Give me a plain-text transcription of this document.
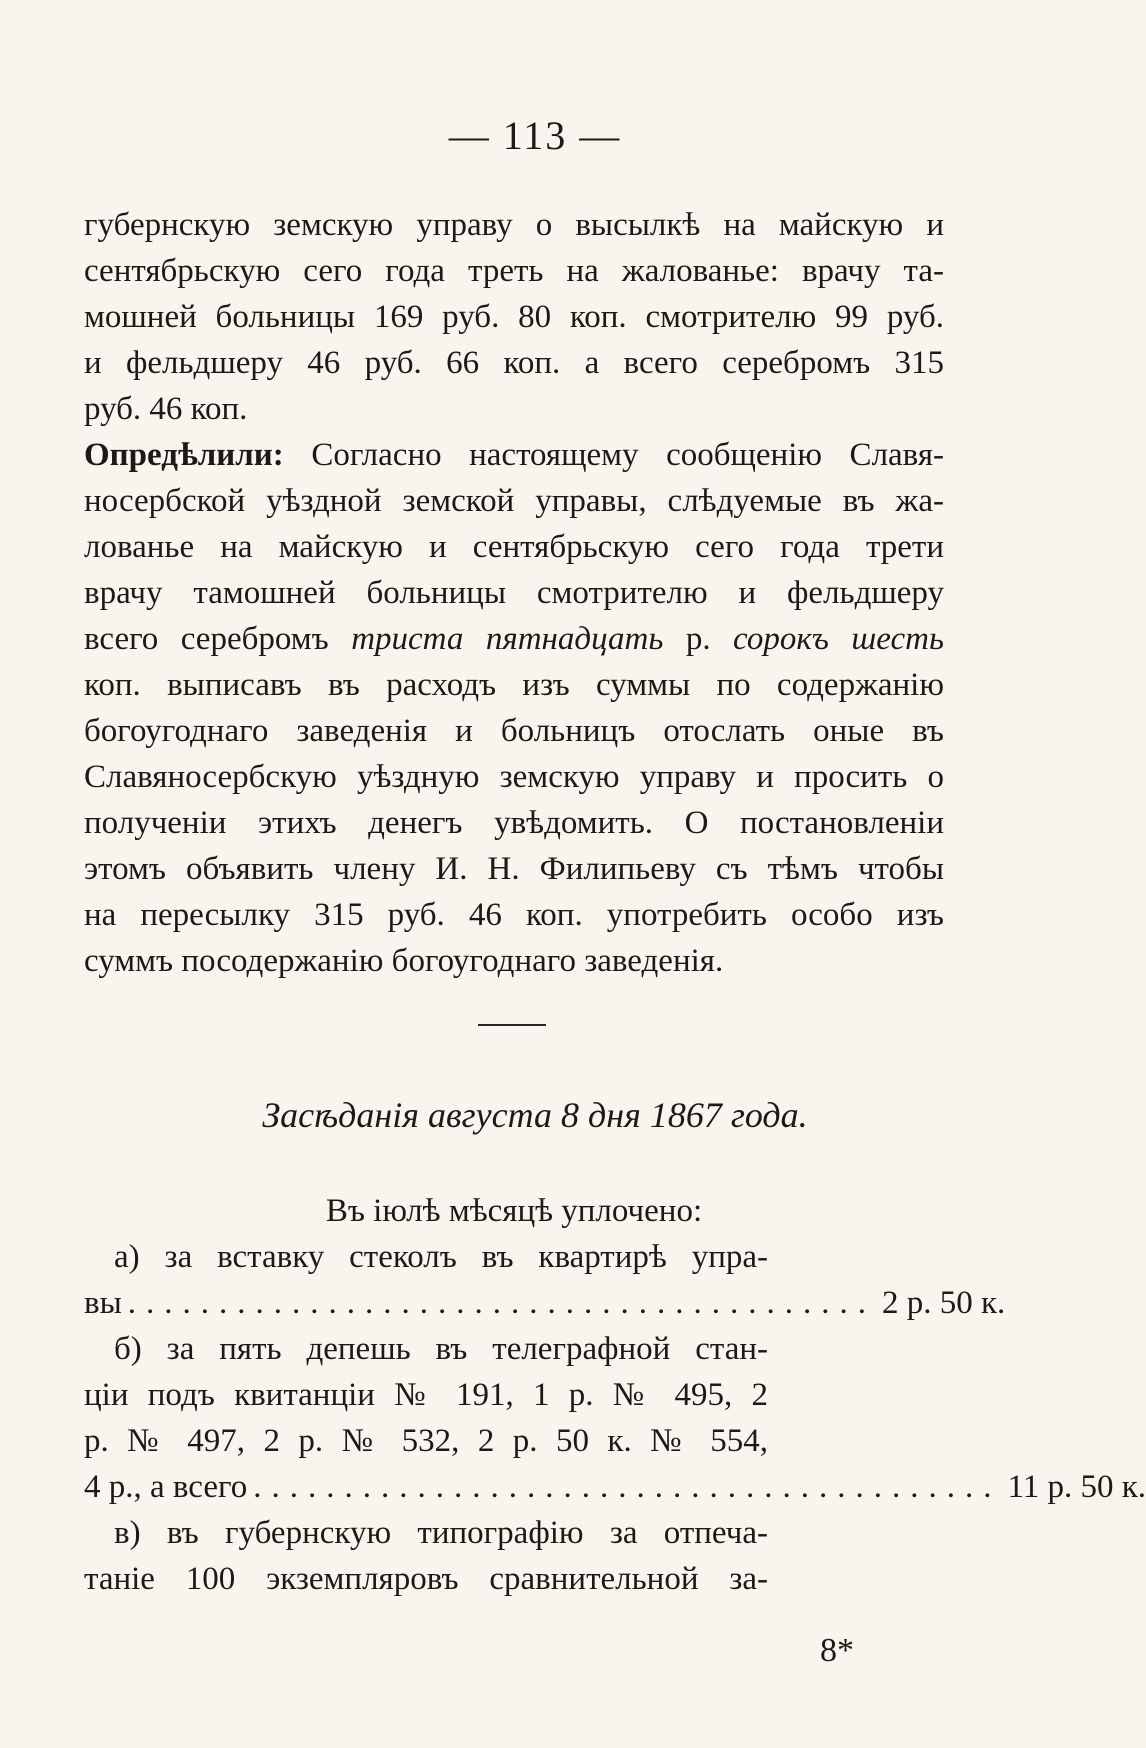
— 113 —
губернскую земскую управу о высылкѣ на майскую и
сентябрьскую сего года треть на жалованье: врачу та-
мошней больницы 169 руб. 80 коп. смотрителю 99 руб.
и фельдшеру 46 руб. 66 коп. а всего серебромъ 315
руб. 46 коп.
Опредѣлили: Согласно настоящему сообщенію Славя-
носербской уѣздной земской управы, слѣдуемые въ жа-
лованье на майскую и сентябрьскую сего года трети
врачу тамошней больницы смотрителю и фельдшеру
всего серебромъ триста пятнадцать р. сорокъ шесть
коп. выписавъ въ расходъ изъ суммы по содержанію
богоугоднаго заведенія и больницъ отослать оные въ
Славяносербскую уѣздную земскую управу и просить о
полученіи этихъ денегъ увѣдомить. О постановленіи
этомъ объявить члену И. Н. Филипьеву съ тѣмъ чтобы
на пересылку 315 руб. 46 коп. употребить особо изъ
суммъ посодержанію богоугоднаго заведенія.
Засѣданія августа 8 дня 1867 года.
Въ іюлѣ мѣсяцѣ уплочено:
а) за вставку стеколъ въ квартирѣ упра-
вы ......................................... 2 р. 50 к.
б) за пять депешь въ телеграфной стан-
ціи подъ квитанціи № 191, 1 р. № 495, 2
р. № 497, 2 р. № 532, 2 р. 50 к. № 554,
4 р., а всего ......................................... 11 р. 50 к.
в) въ губернскую типографію за отпеча-
таніе 100 экземпляровъ сравнительной за-
8*
